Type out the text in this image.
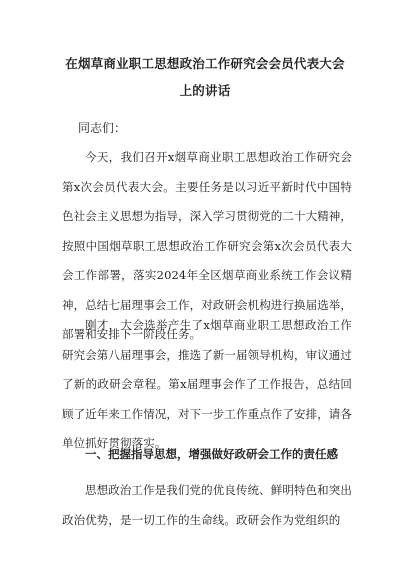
在烟草商业职工思想政治工作研究会会员代表大会上的讲话
同志们：
今天，我们召开x烟草商业职工思想政治工作研究会第x次会员代表大会。主要任务是以习近平新时代中国特色社会主义思想为指导，深入学习贯彻党的二十大精神，按照中国烟草职工思想政治工作研究会第x次会员代表大会工作部署，落实2024年全区烟草商业系统工作会议精神，总结七届理事会工作，对政研会机构进行换届选举，部署和安排下一阶段任务。
刚才，大会选举产生了x烟草商业职工思想政治工作研究会第八届理事会，推选了新一届领导机构，审议通过了新的政研会章程。第x届理事会作了工作报告，总结回顾了近年来工作情况，对下一步工作重点作了安排，请各单位抓好贯彻落实。
一、把握指导思想，增强做好政研会工作的责任感
思想政治工作是我们党的优良传统、鲜明特色和突出政治优势，是一切工作的生命线。政研会作为党组织的
